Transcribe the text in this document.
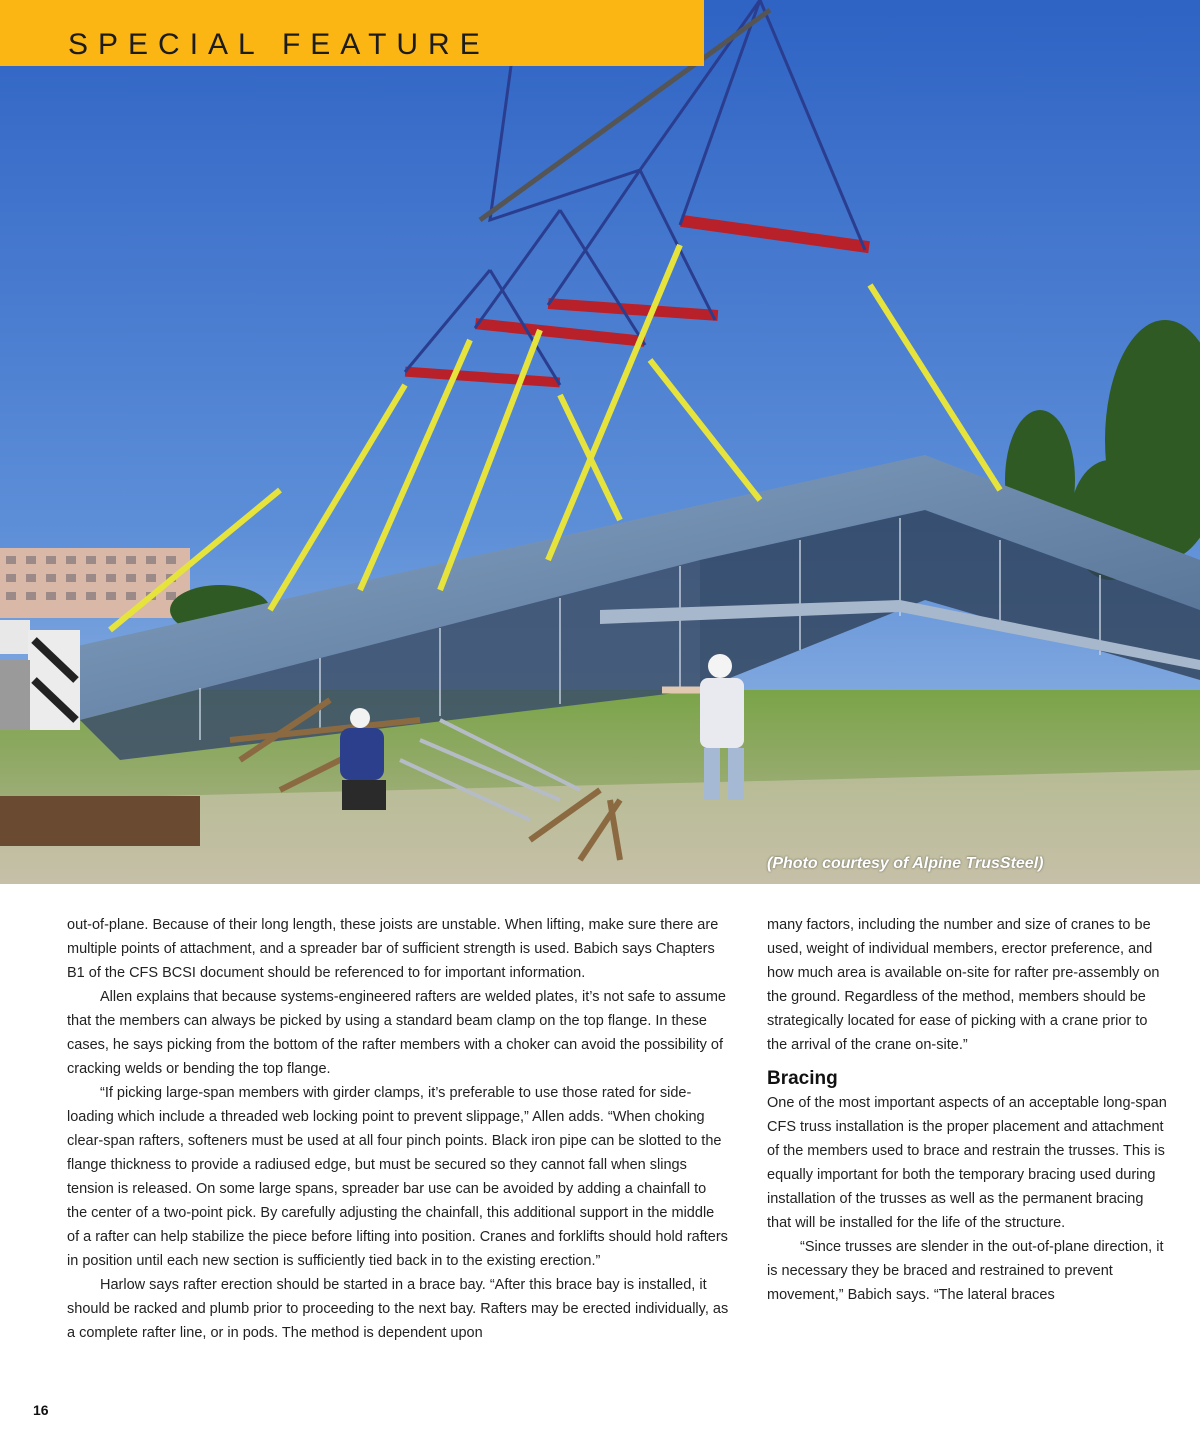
SPECIAL FEATURE
(Photo courtesy of Alpine TrusSteel)

out-of-plane. Because of their long length, these joists are unstable. When lifting, make sure there are multiple points of attachment, and a spreader bar of sufficient strength is used. Babich says Chapters B1 of the CFS BCSI document should be referenced to for important information.

Allen explains that because systems-engineered rafters are welded plates, it’s not safe to assume that the members can always be picked by using a standard beam clamp on the top flange. In these cases, he says picking from the bottom of the rafter members with a choker can avoid the possibility of cracking welds or bending the top flange.

“If picking large-span members with girder clamps, it’s preferable to use those rated for side-loading which include a threaded web locking point to prevent slippage,” Allen adds. “When choking clear-span rafters, softeners must be used at all four pinch points. Black iron pipe can be slotted to the flange thickness to provide a radiused edge, but must be secured so they cannot fall when slings tension is released. On some large spans, spreader bar use can be avoided by adding a chainfall to the center of a two-point pick. By carefully adjusting the chainfall, this additional support in the middle of a rafter can help stabilize the piece before lifting into position. Cranes and forklifts should hold rafters in position until each new section is sufficiently tied back in to the existing erection.”

Harlow says rafter erection should be started in a brace bay. “After this brace bay is installed, it should be racked and plumb prior to proceeding to the next bay. Rafters may be erected individually, as a complete rafter line, or in pods. The method is dependent upon

many factors, including the number and size of cranes to be used, weight of individual members, erector preference, and how much area is available on-site for rafter pre-assembly on the ground. Regardless of the method, members should be strategically located for ease of picking with a crane prior to the arrival of the crane on-site.”

Bracing

One of the most important aspects of an acceptable long-span CFS truss installation is the proper placement and attachment of the members used to brace and restrain the trusses. This is equally important for both the temporary bracing used during installation of the trusses as well as the permanent bracing that will be installed for the life of the structure.

“Since trusses are slender in the out-of-plane direction, it is necessary they be braced and restrained to prevent movement,” Babich says. “The lateral braces

16
